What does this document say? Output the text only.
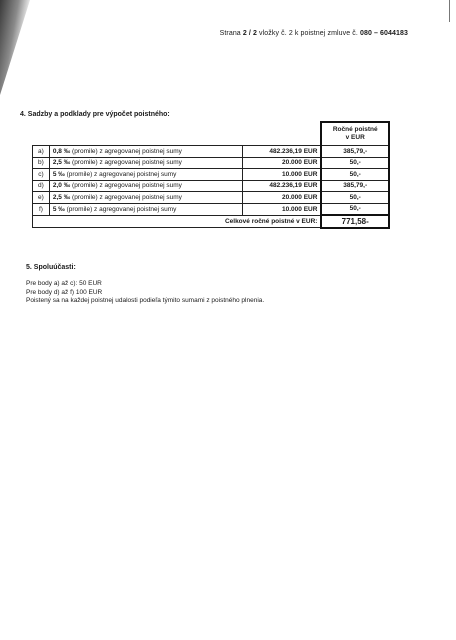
Strana 2 / 2 vložky č. 2 k poistnej zmluve č. 080 – 6044183
4. Sadzby a podklady pre výpočet poistného:
			Ročné poistné
v EUR
a)	0,8 ‰ (promile) z agregovanej poistnej sumy	482.236,19 EUR	385,79,-
b)	2,5 ‰ (promile) z agregovanej poistnej sumy	20.000 EUR	50,-
c)	5 ‰ (promile) z agregovanej poistnej sumy	10.000 EUR	50,-
d)	2,0 ‰ (promile) z agregovanej poistnej sumy	482.236,19 EUR	385,79,-
e)	2,5 ‰ (promile) z agregovanej poistnej sumy	20.000 EUR	50,-
f)	5 ‰ (promile) z agregovanej poistnej sumy	10.000 EUR	50,-
Celkové ročné poistné v EUR:			771,58-
5. Spoluúčasti:
Pre body a) až c): 50 EUR
Pre body d) až f) 100 EUR
Poistený sa na každej poistnej udalosti podieľa týmito sumami z poistného plnenia.
